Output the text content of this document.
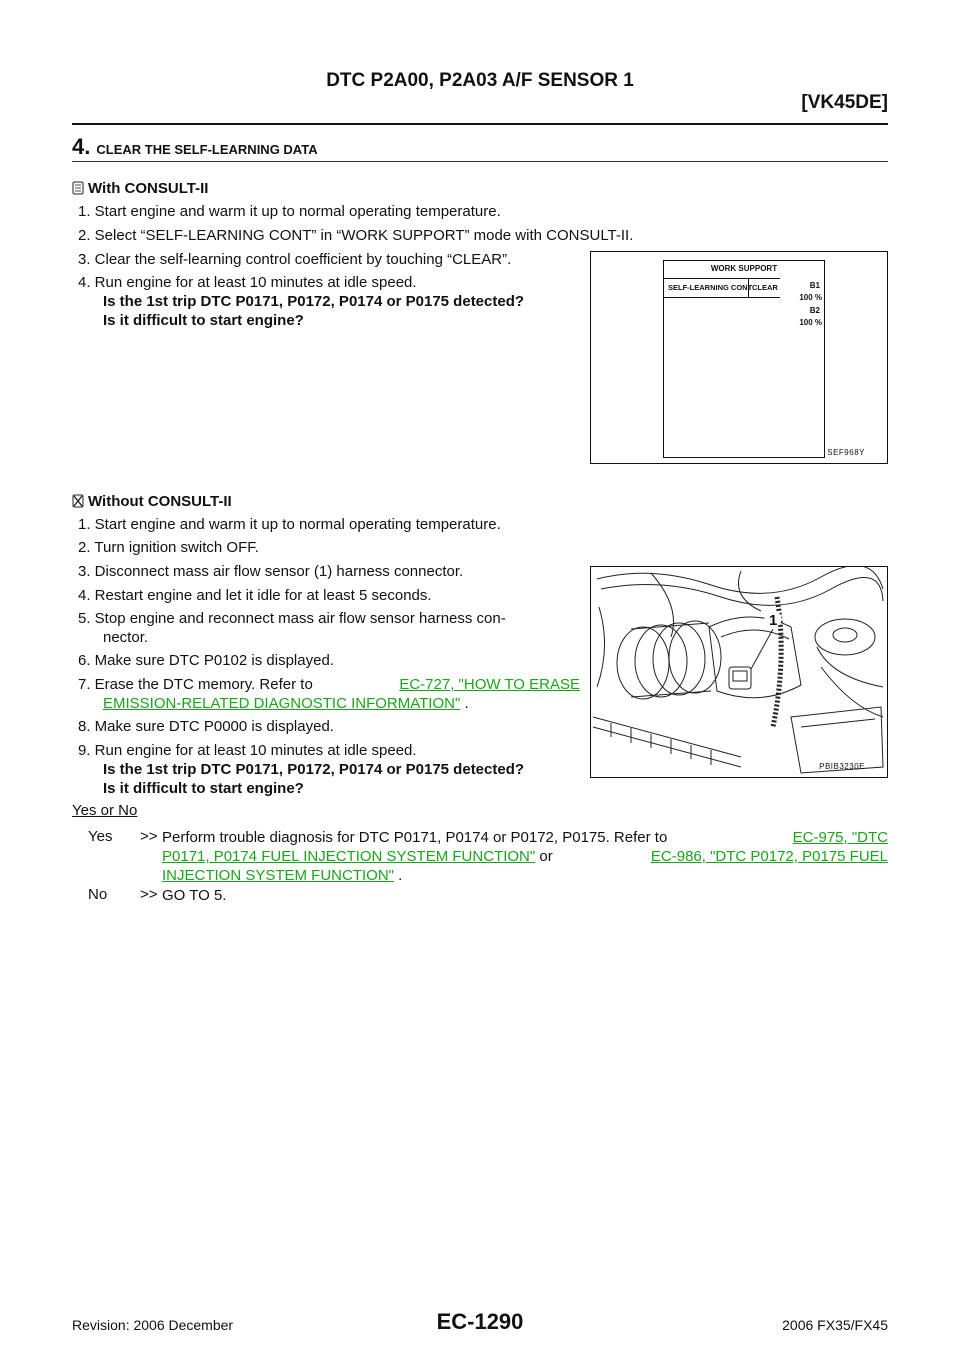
DTC P2A00, P2A03 A/F SENSOR 1
[VK45DE]
4. CLEAR THE SELF-LEARNING DATA
With CONSULT-II
1. Start engine and warm it up to normal operating temperature.
2. Select “SELF-LEARNING CONT” in “WORK SUPPORT” mode with CONSULT-II.
3. Clear the self-learning control coefficient by touching “CLEAR”.
4. Run engine for at least 10 minutes at idle speed.
Is the 1st trip DTC P0171, P0172, P0174 or P0175 detected?
Is it difficult to start engine?
WORK SUPPORT
SELF-LEARNING CONT CLEAR	B1
100 %
B2
100 %
SEF968Y
Without CONSULT-II
1. Start engine and warm it up to normal operating temperature.
2. Turn ignition switch OFF.
3. Disconnect mass air flow sensor (1) harness connector.
4. Restart engine and let it idle for at least 5 seconds.
5. Stop engine and reconnect mass air flow sensor harness con-
nector.
6. Make sure DTC P0102 is displayed.
7. Erase the DTC memory. Refer to	EC-727, "HOW TO ERASE
EMISSION-RELATED DIAGNOSTIC INFORMATION" .
8. Make sure DTC P0000 is displayed.
9. Run engine for at least 10 minutes at idle speed.
Is the 1st trip DTC P0171, P0172, P0174 or P0175 detected?
Is it difficult to start engine?
1
PBIB3230E
Yes or No
Yes >> Perform trouble diagnosis for DTC P0171, P0174 or P0172, P0175. Refer to	EC-975, "DTC
P0171, P0174 FUEL INJECTION SYSTEM FUNCTION" or	EC-986, "DTC P0172, P0175 FUEL
INJECTION SYSTEM FUNCTION" .
No >> GO TO 5.
Revision: 2006 December	EC-1290	2006 FX35/FX45
